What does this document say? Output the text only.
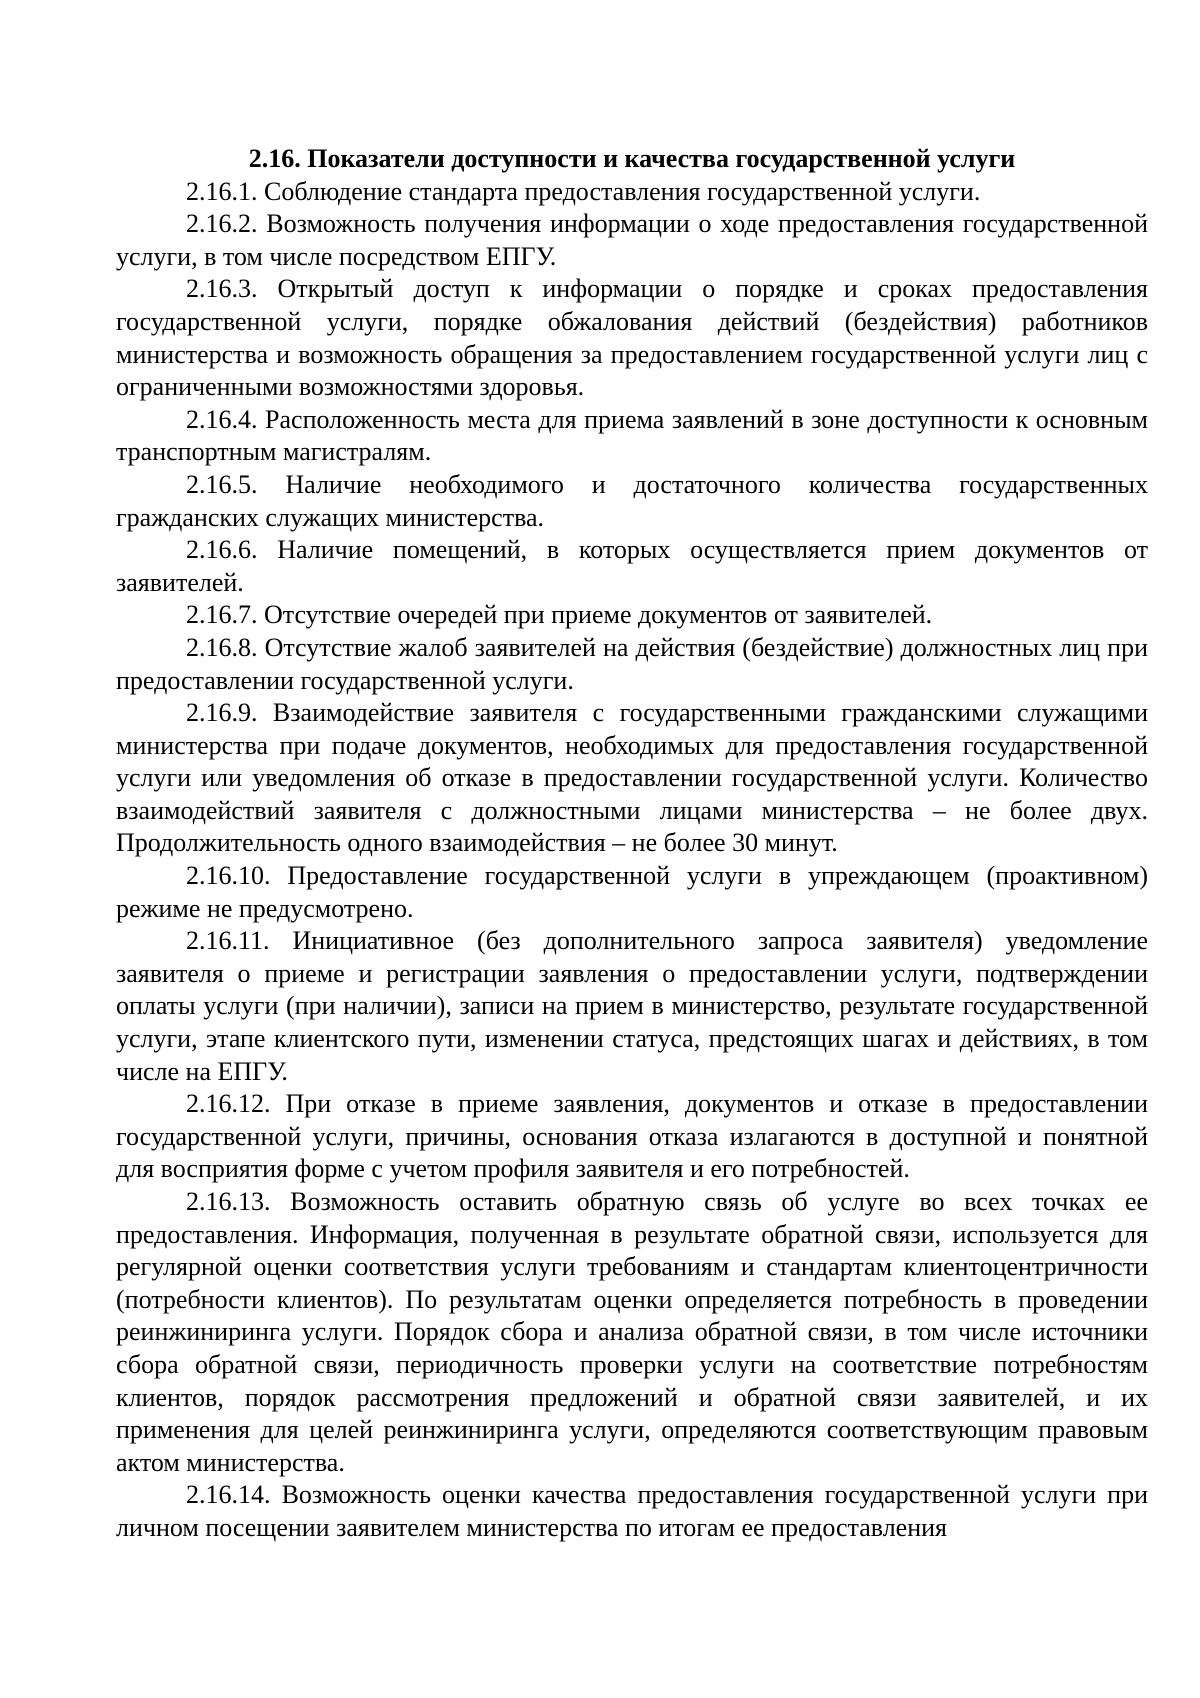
2.16. Показатели доступности и качества государственной услуги

2.16.1. Соблюдение стандарта предоставления государственной услуги.

2.16.2. Возможность получения информации о ходе предоставления государственной услуги, в том числе посредством ЕПГУ.

2.16.3. Открытый доступ к информации о порядке и сроках предоставления государственной услуги, порядке обжалования действий (бездействия) работников министерства и возможность обращения за предоставлением государственной услуги лиц с ограниченными возможностями здоровья.

2.16.4. Расположенность места для приема заявлений в зоне доступности к основным транспортным магистралям.

2.16.5. Наличие необходимого и достаточного количества государственных гражданских служащих министерства.

2.16.6. Наличие помещений, в которых осуществляется прием документов от заявителей.

2.16.7. Отсутствие очередей при приеме документов от заявителей.

2.16.8. Отсутствие жалоб заявителей на действия (бездействие) должностных лиц при предоставлении государственной услуги.

2.16.9. Взаимодействие заявителя с государственными гражданскими служащими министерства при подаче документов, необходимых для предоставления государственной услуги или уведомления об отказе в предоставлении государственной услуги. Количество взаимодействий заявителя с должностными лицами министерства – не более двух. Продолжительность одного взаимодействия – не более 30 минут.

2.16.10. Предоставление государственной услуги в упреждающем (проактивном) режиме не предусмотрено.

2.16.11. Инициативное (без дополнительного запроса заявителя) уведомление заявителя о приеме и регистрации заявления о предоставлении услуги, подтверждении оплаты услуги (при наличии), записи на прием в министерство, результате государственной услуги, этапе клиентского пути, изменении статуса, предстоящих шагах и действиях, в том числе на ЕПГУ.

2.16.12. При отказе в приеме заявления, документов и отказе в предоставлении государственной услуги, причины, основания отказа излагаются в доступной и понятной для восприятия форме с учетом профиля заявителя и его потребностей.

2.16.13. Возможность оставить обратную связь об услуге во всех точках ее предоставления. Информация, полученная в результате обратной связи, используется для регулярной оценки соответствия услуги требованиям и стандартам клиентоцентричности (потребности клиентов). По результатам оценки определяется потребность в проведении реинжиниринга услуги. Порядок сбора и анализа обратной связи, в том числе источники сбора обратной связи, периодичность проверки услуги на соответствие потребностям клиентов, порядок рассмотрения предложений и обратной связи заявителей, и их применения для целей реинжиниринга услуги, определяются соответствующим правовым актом министерства.

2.16.14. Возможность оценки качества предоставления государственной услуги при личном посещении заявителем министерства по итогам ее предоставления
